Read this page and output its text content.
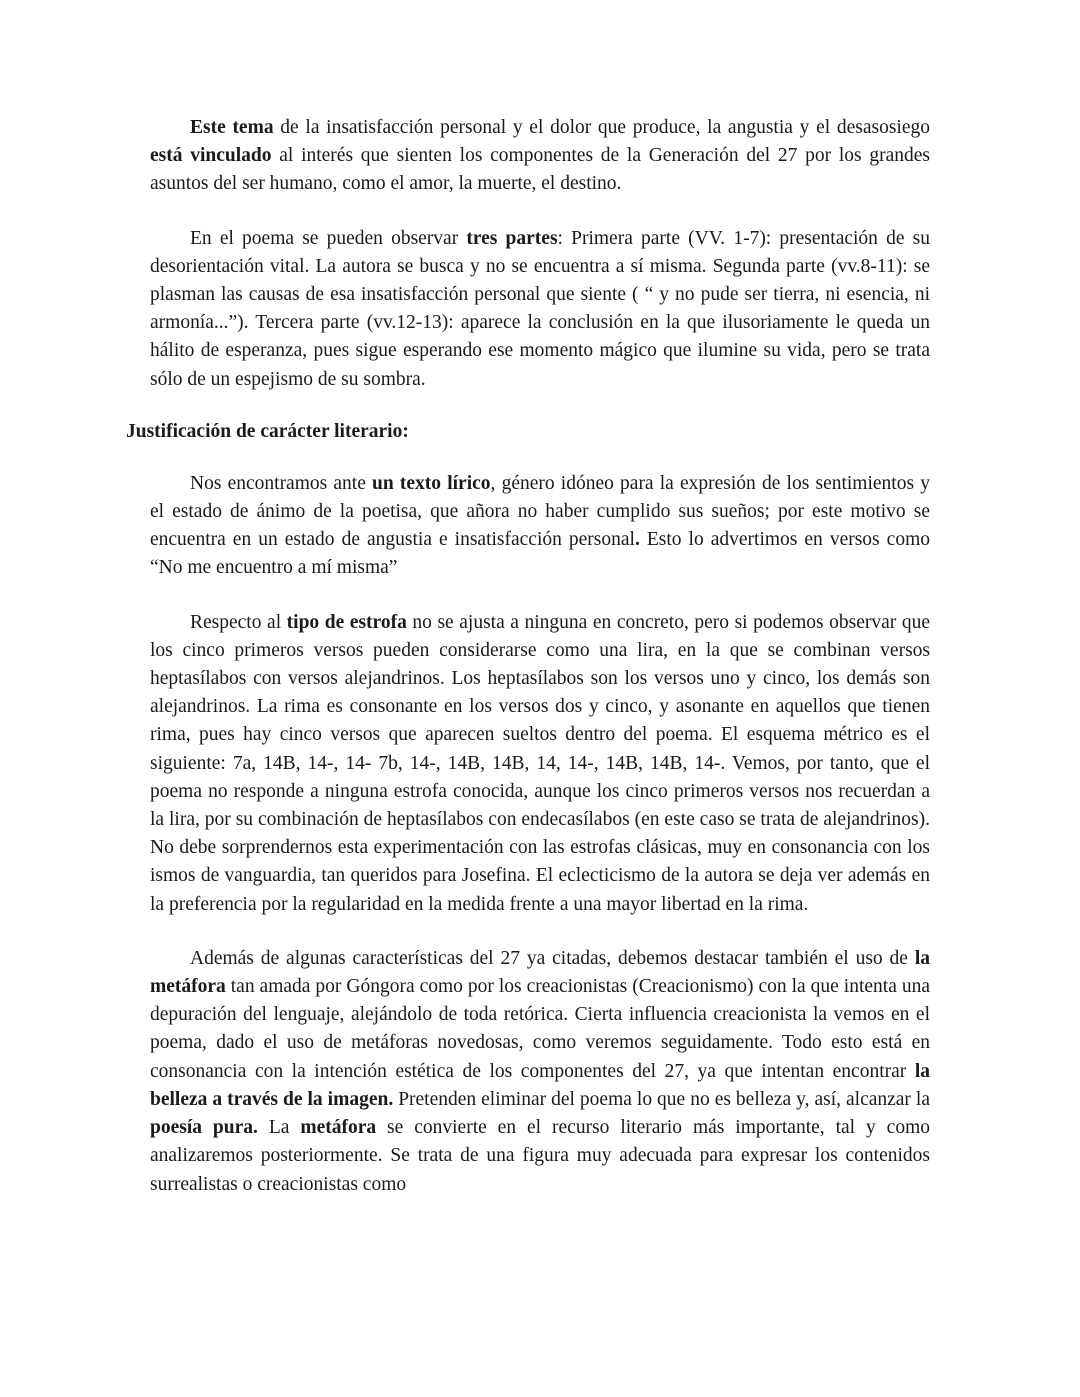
Este tema de la insatisfacción personal y el dolor que produce, la angustia y el desasosiego está vinculado al interés que sienten los componentes de la Generación del 27 por los grandes asuntos del ser humano, como el amor, la muerte, el destino.

En el poema se pueden observar tres partes: Primera parte (VV. 1-7): presentación de su desorientación vital. La autora se busca y no se encuentra a sí misma. Segunda parte (vv.8-11): se plasman las causas de esa insatisfacción personal que siente ( “ y no pude ser tierra, ni esencia, ni armonía...”). Tercera parte (vv.12-13): aparece la conclusión en la que ilusoriamente le queda un hálito de esperanza, pues sigue esperando ese momento mágico que ilumine su vida, pero se trata sólo de un espejismo de su sombra.

Justificación de carácter literario:

Nos encontramos ante un texto lírico, género idóneo para la expresión de los sentimientos y el estado de ánimo de la poetisa, que añora no haber cumplido sus sueños; por este motivo se encuentra en un estado de angustia e insatisfacción personal. Esto lo advertimos en versos como “No me encuentro a mí misma”

Respecto al tipo de estrofa no se ajusta a ninguna en concreto, pero si podemos observar que los cinco primeros versos pueden considerarse como una lira, en la que se combinan versos heptasílabos con versos alejandrinos. Los heptasílabos son los versos uno y cinco, los demás son alejandrinos. La rima es consonante en los versos dos y cinco, y asonante en aquellos que tienen rima, pues hay cinco versos que aparecen sueltos dentro del poema. El esquema métrico es el siguiente: 7a, 14B, 14-, 14- 7b, 14-, 14B, 14B, 14, 14-, 14B, 14B, 14-. Vemos, por tanto, que el poema no responde a ninguna estrofa conocida, aunque los cinco primeros versos nos recuerdan a la lira, por su combinación de heptasílabos con endecasílabos (en este caso se trata de alejandrinos). No debe sorprendernos esta experimentación con las estrofas clásicas, muy en consonancia con los ismos de vanguardia, tan queridos para Josefina. El eclecticismo de la autora se deja ver además en la preferencia por la regularidad en la medida frente a una mayor libertad en la rima.

Además de algunas características del 27 ya citadas, debemos destacar también el uso de la metáfora tan amada por Góngora como por los creacionistas (Creacionismo) con la que intenta una depuración del lenguaje, alejándolo de toda retórica. Cierta influencia creacionista la vemos en el poema, dado el uso de metáforas novedosas, como veremos seguidamente. Todo esto está en consonancia con la intención estética de los componentes del 27, ya que intentan encontrar la belleza a través de la imagen. Pretenden eliminar del poema lo que no es belleza y, así, alcanzar la poesía pura. La metáfora se convierte en el recurso literario más importante, tal y como analizaremos posteriormente. Se trata de una figura muy adecuada para expresar los contenidos surrealistas o creacionistas como
